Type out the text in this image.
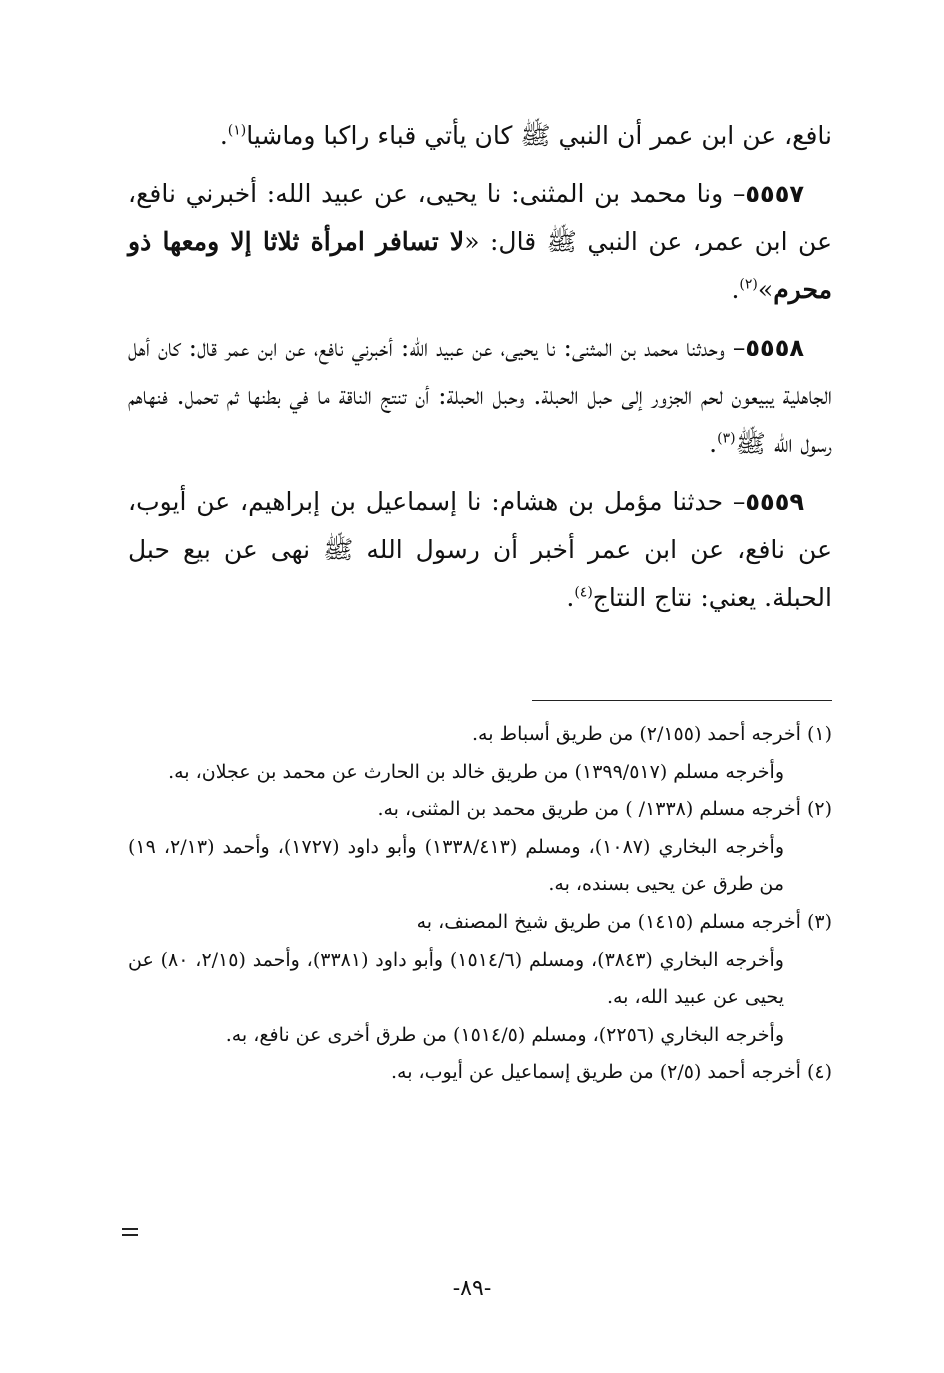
نافع، عن ابن عمر أن النبي ﷺ كان يأتي قباء راكبا وماشيا$^{(١)}$.

٥٥٥٧– ونا محمد بن المثنى: نا يحيى، عن عبيد الله: أخبرني نافع، عن ابن عمر، عن النبي ﷺ قال: «لا تسافر امرأة ثلاثا إلا ومعها ذو محرم»$^{(٢)}$.

٥٥٥٨– وحدثنا محمد بن المثنى: نا يحيى، عن عبيد الله: أخبرني نافع، عن ابن عمر قال: كان أهل الجاهلية يبيعون لحم الجزور إلى حبل الحبلة. وحبل الحبلة: أن تنتج الناقة ما في بطنها ثم تحمل. فنهاهم رسول الله ﷺ$^{(٣)}$.

٥٥٥٩– حدثنا مؤمل بن هشام: نا إسماعيل بن إبراهيم، عن أيوب، عن نافع، عن ابن عمر أخبر أن رسول الله ﷺ نهى عن بيع حبل الحبلة. يعني: نتاج النتاج$^{(٤)}$.

(١) أخرجه أحمد (٢/١٥٥) من طريق أسباط به.

وأخرجه مسلم (١٣٩٩/٥١٧) من طريق خالد بن الحارث عن محمد بن عجلان، به.

(٢) أخرجه مسلم (١٣٣٨/ ) من طريق محمد بن المثنى، به.

وأخرجه البخاري (١٠٨٧)، ومسلم (١٣٣٨/٤١٣) وأبو داود (١٧٢٧)، وأحمد (٢/١٣، ١٩) من طرق عن يحيى بسنده، به.

(٣) أخرجه مسلم (١٤١٥) من طريق شيخ المصنف، به

وأخرجه البخاري (٣٨٤٣)، ومسلم (١٥١٤/٦) وأبو داود (٣٣٨١)، وأحمد (٢/١٥، ٨٠) عن يحيى عن عبيد الله، به.

وأخرجه البخاري (٢٢٥٦)، ومسلم (١٥١٤/٥) من طرق أخرى عن نافع، به.

(٤) أخرجه أحمد (٢/٥) من طريق إسماعيل عن أيوب، به.

-٨٩-
